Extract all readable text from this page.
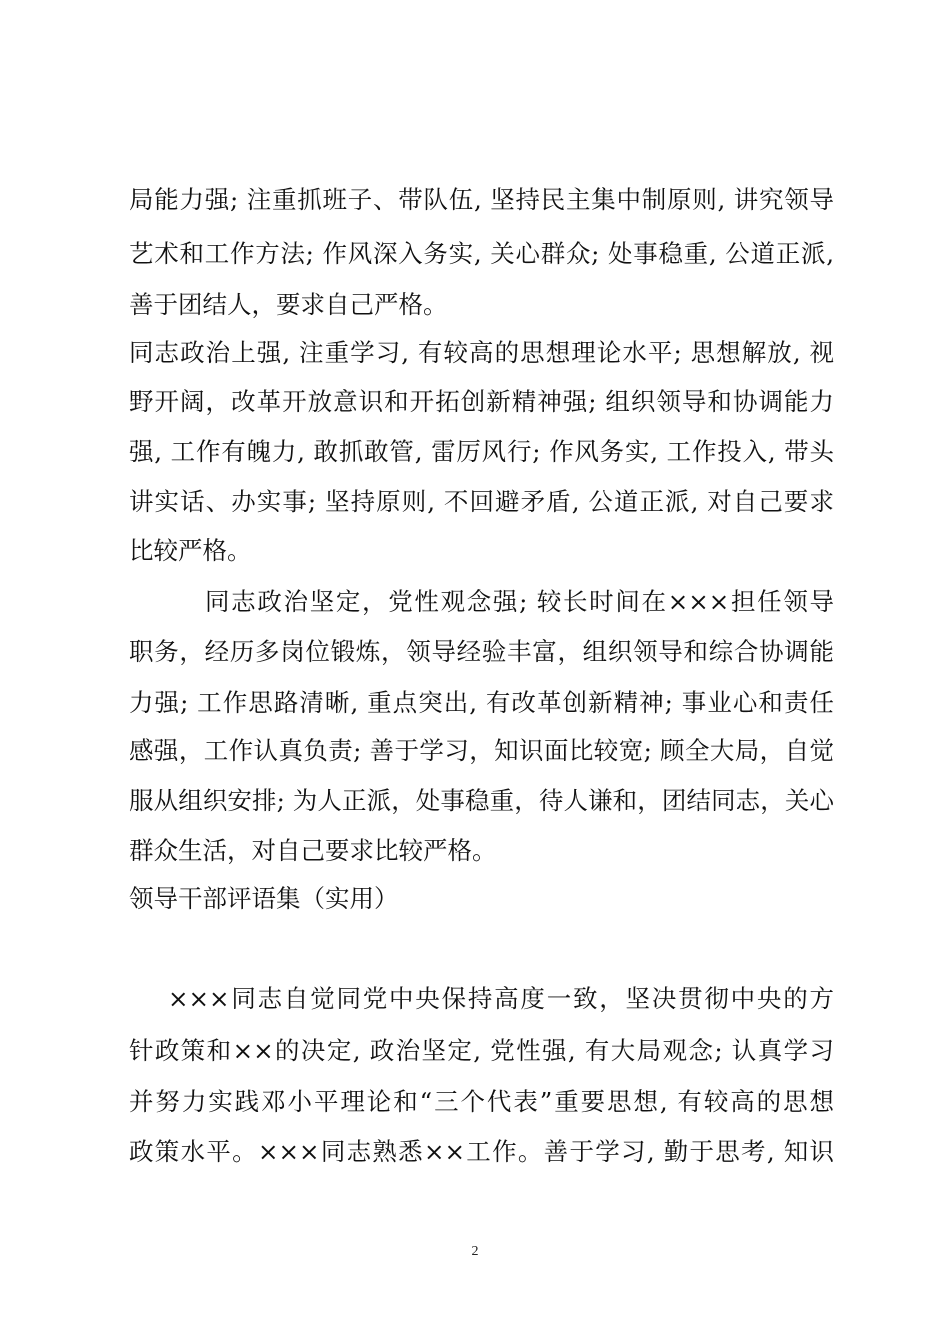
局能力强; 注重抓班子、带队伍, 坚持民主集中制原则, 讲究领导
艺术和工作方法; 作风深入务实, 关心群众; 处事稳重, 公道正派,
善于团结人，要求自己严格。
同志政治上强, 注重学习, 有较高的思想理论水平; 思想解放, 视
野开阔，改革开放意识和开拓创新精神强; 组织领导和协调能力
强, 工作有魄力, 敢抓敢管, 雷厉风行; 作风务实, 工作投入, 带头
讲实话、办实事; 坚持原则, 不回避矛盾, 公道正派, 对自己要求
比较严格。
同志政治坚定，党性观念强; 较长时间在×××担任领导
职务，经历多岗位锻炼，领导经验丰富，组织领导和综合协调能
力强; 工作思路清晰, 重点突出, 有改革创新精神; 事业心和责任
感强，工作认真负责; 善于学习，知识面比较宽; 顾全大局，自觉
服从组织安排; 为人正派，处事稳重，待人谦和，团结同志，关心
群众生活，对自己要求比较严格。
领导干部评语集（实用）
×××同志自觉同党中央保持高度一致，坚决贯彻中央的方
针政策和××的决定, 政治坚定, 党性强, 有大局观念; 认真学习
并努力实践邓小平理论和“三个代表”重要思想, 有较高的思想
政策水平。×××同志熟悉××工作。善于学习, 勤于思考, 知识
2
